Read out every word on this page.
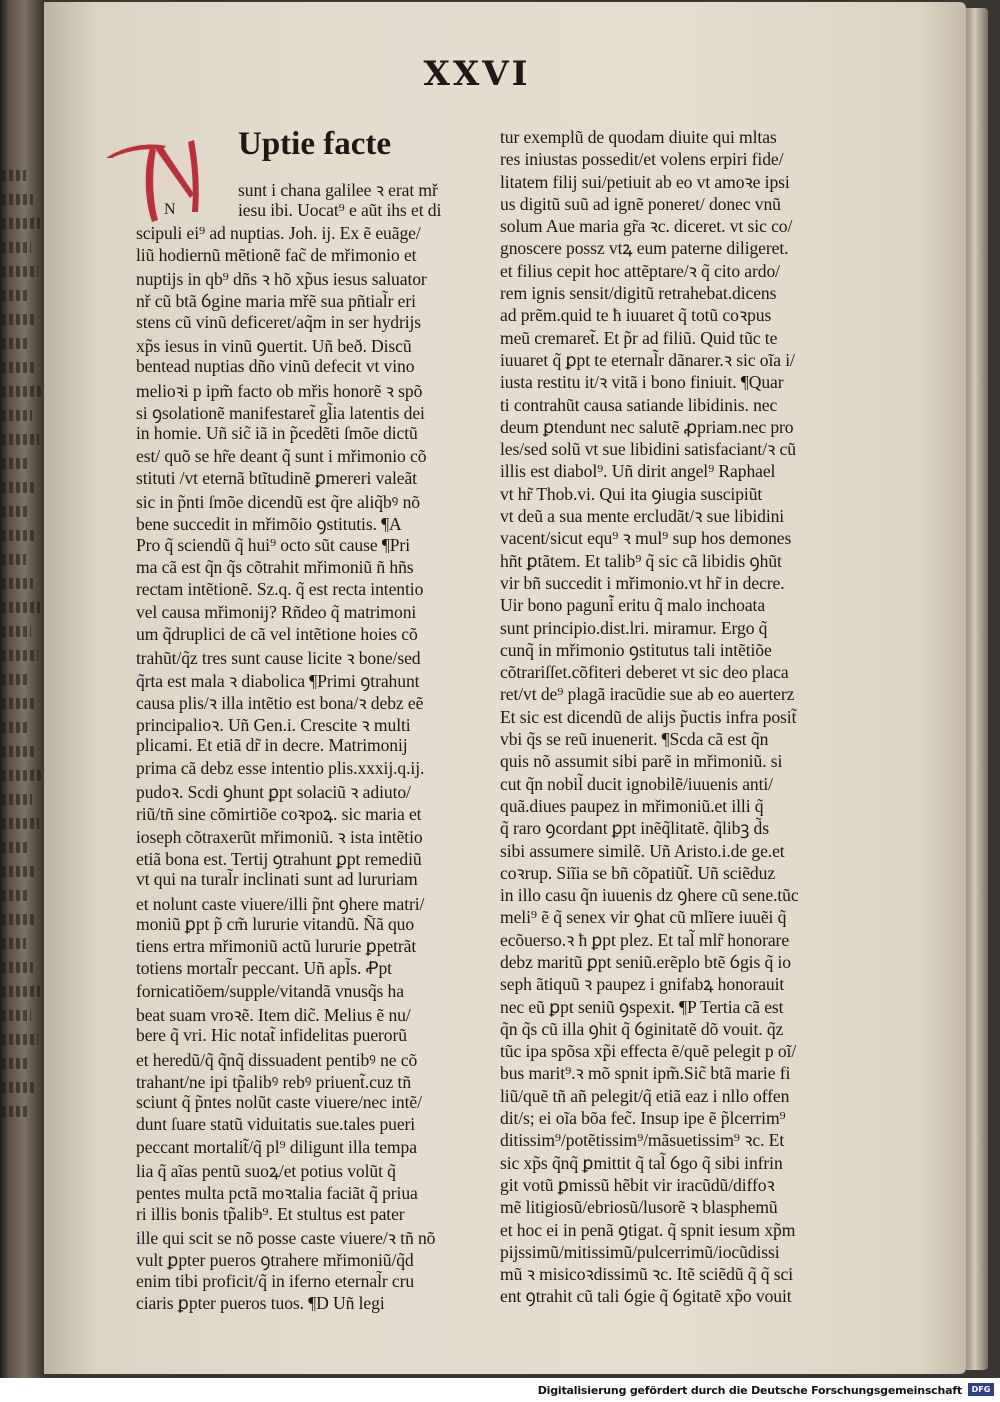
XXVI
N
Uptie facte
sunt i chana galilee ꝛ erat mř
iesu ibi. Uocat⁹ e aũt ihs et di
scipuli ei⁹ ad nuptias. Joh. ij. Ex ẽ euãge/
liũ hodiernũ mẽtionẽ fac̃ de mřimonio et
nuptijs in qb⁹ dñs ꝛ hõ xp̃us iesus saluator
nř cũ btã ỽgine maria mřẽ sua pñtial̃r eri
stens cũ vinũ deficeret/aq̃m in ser hydrijs
xp̃s iesus in vinũ ꝯuertit. Uñ beð. Discũ
bentead nuptias dño vinũ defecit vt vino
melioꝛi p ipm̃ facto ob mřis honorẽ ꝛ spõ
si ꝯsolationẽ manifestaret̃ gl̃ia latentis dei
in homie. Uñ sic̃ iã in p̃cedẽti ſmõe dictũ
est/ quõ se hr̃e deant q̃ sunt i mřimonio cõ
stituti /vt eternã btĩtudinẽ ꝑmereri valeãt
sic in p̃nti ſmõe dicendũ est q̃re aliq̃bꝰ nõ
bene succedit in mřimõio ꝯstitutis. ¶A
Pro q̃ sciendũ q̃ hui⁹ octo sũt cause ¶Pri
ma cã est q̃n q̃s cõtrahit mřimoniũ ñ hñs
rectam intẽtionẽ. Sz.q. q̃ est recta intentio
vel causa mřimonij? Rñdeo q̃ matrimoni
um q̃druplici de cã vel intẽtione hoies cõ
trahũt/q̃z tres sunt cause licite ꝛ bone/sed
q̃rta est mala ꝛ diabolica ¶Primi ꝯtrahunt
causa plis/ꝛ illa intẽtio est bona/ꝛ debz eẽ
principalioꝛ. Uñ Gen.i. Crescite ꝛ multi
plicami. Et etiã dr̃ in decre. Matrimonij
prima cã debz esse intentio plis.xxxij.q.ij.
pudoꝛ. Scdi ꝯhunt ꝑpt solaciũ ꝛ adiuto/
riũ/tñ sine cõmirtiõe coꝛpoꝝ. sic maria et
ioseph cõtraxerũt mřimoniũ. ꝛ ista intẽtio
etiã bona est. Tertij ꝯtrahunt ꝑpt remediũ
vt qui na tural̃r inclinati sunt ad lururiam
et nolunt caste viuere/illi p̃nt ꝯhere matri/
moniũ ꝑpt p̃ cm̃ lururie vitandũ. Ñã quo
tiens ertra mřimoniũ actũ lururie ꝑpetrãt
totiens mortal̃r peccant. Uñ apl̃s. Ꝓpt
fornicatiõem/supple/vitandã vnusq̃s ha
beat suam vroꝛẽ. Item dic̃. Melius ẽ nu/
bere q̃ vri. Hic notat̃ infidelitas puerorũ
et heredũ/q̃ q̃nq̃ dissuadent pentibꝰ ne cõ
trahant/ne ipi tp̃alibꝰ rebꝰ priuent̃.cuz tñ
sciunt q̃ p̃ntes nolũt caste viuere/nec intẽ/
dunt ſuare statũ viduitatis sue.tales pueri
peccant mortalit̃/q̃ pl⁹ diligunt illa tempa
lia q̃ aĩas pentũ suoꝝ/et potius volũt q̃
pentes multa pctã moꝛtalia faciãt q̃ priua
ri illis bonis tp̃alib⁹. Et stultus est pater
ille qui scit se nõ posse caste viuere/ꝛ tñ nõ
vult ꝑpter pueros ꝯtrahere mřimoniũ/q̃d
enim tibi proficit/q̃ in iferno eternal̃r cru
ciaris ꝑpter pueros tuos. ¶D Uñ legi
tur exemplũ de quodam diuite qui mltas
res iniustas possedit/et volens erpiri fide/
litatem filij sui/petiuit ab eo vt amoꝛe ipsi
us digitũ suũ ad ignẽ poneret/ donec vnũ
solum Aue maria gr̃a ꝛc. diceret. vt sic co/
gnoscere possz vtꝝ eum paterne diligeret.
et filius cepit hoc attẽptare/ꝛ q̃ cito ardo/
rem ignis sensit/digitũ retrahebat.dicens
ad prẽm.quid te ħ iuuaret q̃ totũ coꝛpus
meũ cremaret̃. Et p̃r ad filiũ. Quid tũc te
iuuaret q̃ ꝑpt te eternal̃r dãnarer.ꝛ sic oĩa i/
iusta restitu it/ꝛ vitã i bono finiuit. ¶Quar
ti contrahũt causa satiande libidinis. nec
deum ꝑtendunt nec salutẽ ꝓpriam.nec pro
les/sed solũ vt sue libidini satisfaciant/ꝛ cũ
illis est diabol⁹. Uñ dirit angel⁹ Raphael
vt hr̃ Thob.vi. Qui ita ꝯiugia suscipiũt
vt deũ a sua mente ercludãt/ꝛ sue libidini
vacent/sicut equ⁹ ꝛ mul⁹ sup hos demones
hñt ꝑtãtem. Et talib⁹ q̃ sic cã libidis ꝯhũt
vir bñ succedit i mřimonio.vt hr̃ in decre.
Uir bono paguni̇̃ eritu q̃ malo inchoata
sunt principio.dist.lri. miramur. Ergo q̃
cunq̃ in mřimonio ꝯstitutus tali intẽtiõe
cõtrariſſet.cõfiteri deberet vt sic deo placa
ret/vt de⁹ plagã iracũdie sue ab eo auerterz
Et sic est dicendũ de alijs p̃uctis infra posit̃
vbi q̃s se reũ inuenerit. ¶Scda cã est q̃n
quis nõ assumit sibi parẽ in mřimoniũ. si
cut q̃n nobil̃ ducit ignobilẽ/iuuenis anti/
quã.diues paupez in mřimoniũ.et illi q̃
q̃ raro ꝯcordant ꝑpt inẽq̃litatẽ. q̃libꝫ d̃s
sibi assumere similẽ. Uñ Aristo.i.de ge.et
coꝛrup. Siĩia se bñ cõpatiũt̃. Uñ sciẽduz
in illo casu q̃n iuuenis dz ꝯhere cũ sene.tũc
meli⁹ ẽ q̃ senex vir ꝯhat cũ mlĩere iuuẽi q̃
ecõuerso.ꝛ ħ ꝑpt plez. Et tal̃ mlr̃ honorare
debz maritũ ꝑpt seniũ.erẽplo btẽ ỽgis q̃ io
seph ãtiquũ ꝛ paupez i gnifabꝝ honorauit
nec eũ ꝑpt seniũ ꝯspexit. ¶P Tertia cã est
q̃n q̃s cũ illa ꝯhit q̃ ỽginitatẽ dõ vouit. q̃z
tũc ipa spõsa xp̃i effecta ẽ/quẽ pelegit p oĩ/
bus marit⁹.ꝛ mõ spnit ipm̃.Sic̃ btã marie fi
liũ/quẽ tñ añ pelegit/q̃ etiã eaz i nllo offen
dit/s; ei oĩa bõa fec̃. Insup ipe ẽ p̃lcerrim⁹
ditissim⁹/potẽtissim⁹/mãsuetissim⁹ ꝛc. Et
sic xp̃s q̃nq̃ ꝑmittit q̃ tal̃ ỽgo q̃ sibi infrin
git votũ ꝑmissũ hẽbit vir iracũdũ/diffoꝛ
mẽ litigiosũ/ebriosũ/lusorẽ ꝛ blasphemũ
et hoc ei in penã ꝯtigat. q̃ spnit iesum xp̃m
pijssimũ/mitissimũ/pulcerrimũ/iocũdissi
mũ ꝛ misicoꝛdissimũ ꝛc. Itẽ sciẽdũ q̃ q̃ sci
ent ꝯtrahit cũ tali ỽgie q̃ ỽgitatẽ xp̃o vouit
Digitalisierung gefördert durch die Deutsche Forschungsgemeinschaft	DFG
